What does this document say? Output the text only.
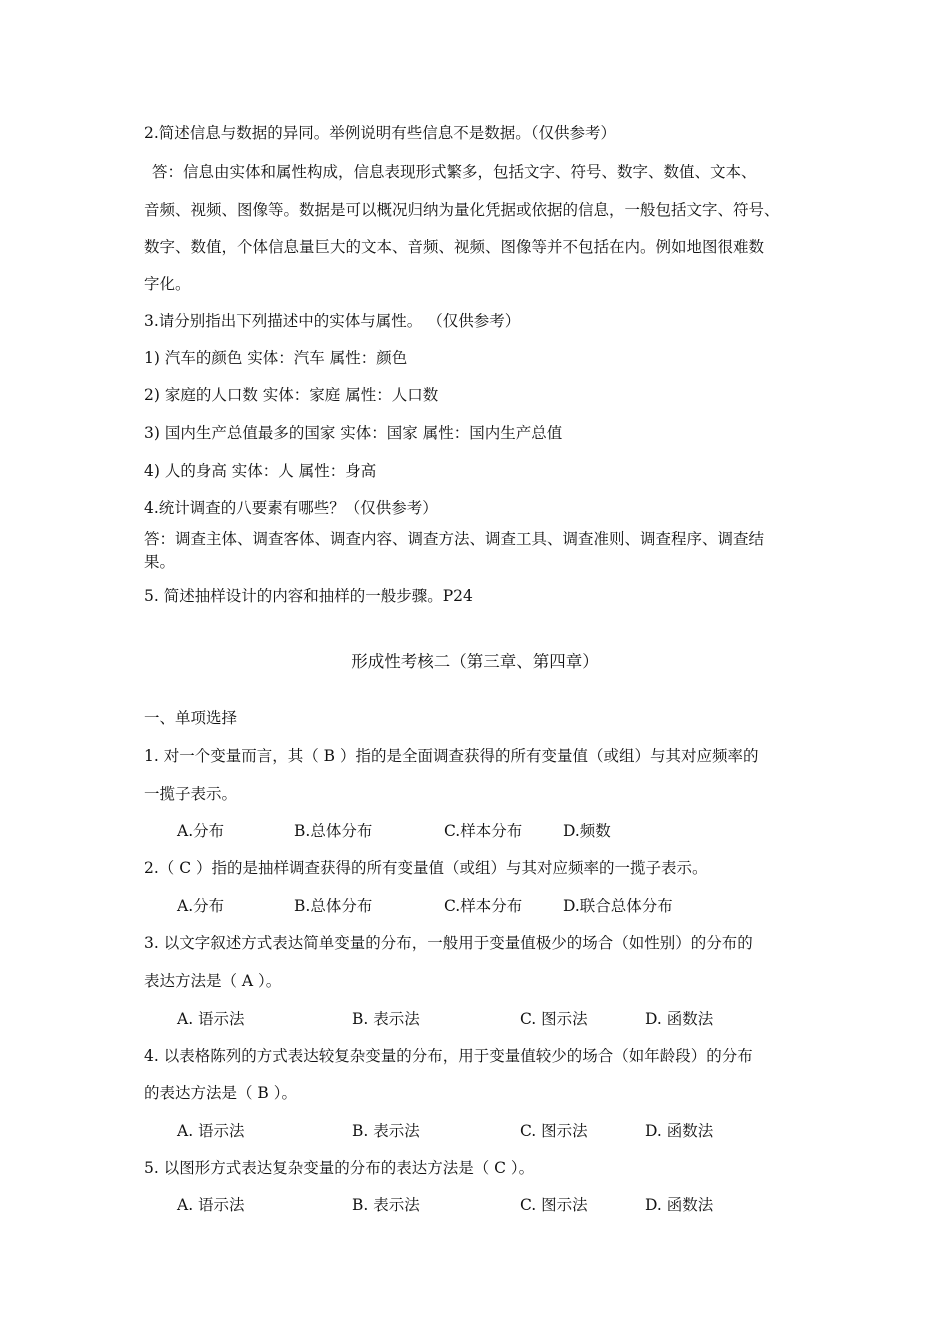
2.简述信息与数据的异同。举例说明有些信息不是数据。（仅供参考）
答：信息由实体和属性构成，信息表现形式繁多，包括文字、符号、数字、数值、文本、
音频、视频、图像等。数据是可以概况归纳为量化凭据或依据的信息，一般包括文字、符号、
数字、数值，个体信息量巨大的文本、音频、视频、图像等并不包括在内。例如地图很难数
字化。
3.请分别指出下列描述中的实体与属性。 （仅供参考）
1) 汽车的颜色 实体：汽车 属性：颜色
2) 家庭的人口数 实体：家庭 属性：人口数
3) 国内生产总值最多的国家 实体：国家 属性：国内生产总值
4) 人的身高 实体：人 属性：身高
4.统计调查的八要素有哪些？（仅供参考）
答：调查主体、调查客体、调查内容、调查方法、调查工具、调查准则、调查程序、调查结
果。
5. 简述抽样设计的内容和抽样的一般步骤。P24
形成性考核二（第三章、第四章）
一、单项选择
1. 对一个变量而言，其（ B ）指的是全面调查获得的所有变量值（或组）与其对应频率的
一揽子表示。
A.分布	B.总体分布	C.样本分布	D.频数
2.（ C ）指的是抽样调查获得的所有变量值（或组）与其对应频率的一揽子表示。
A.分布	B.总体分布	C.样本分布	D.联合总体分布
3. 以文字叙述方式表达简单变量的分布，一般用于变量值极少的场合（如性别）的分布的
表达方法是（ A ）。
A. 语示法	B. 表示法	C. 图示法	D. 函数法
4. 以表格陈列的方式表达较复杂变量的分布，用于变量值较少的场合（如年龄段）的分布
的表达方法是（ B ）。
A. 语示法	B. 表示法	C. 图示法	D. 函数法
5. 以图形方式表达复杂变量的分布的表达方法是（ C ）。
A. 语示法	B. 表示法	C. 图示法	D. 函数法
